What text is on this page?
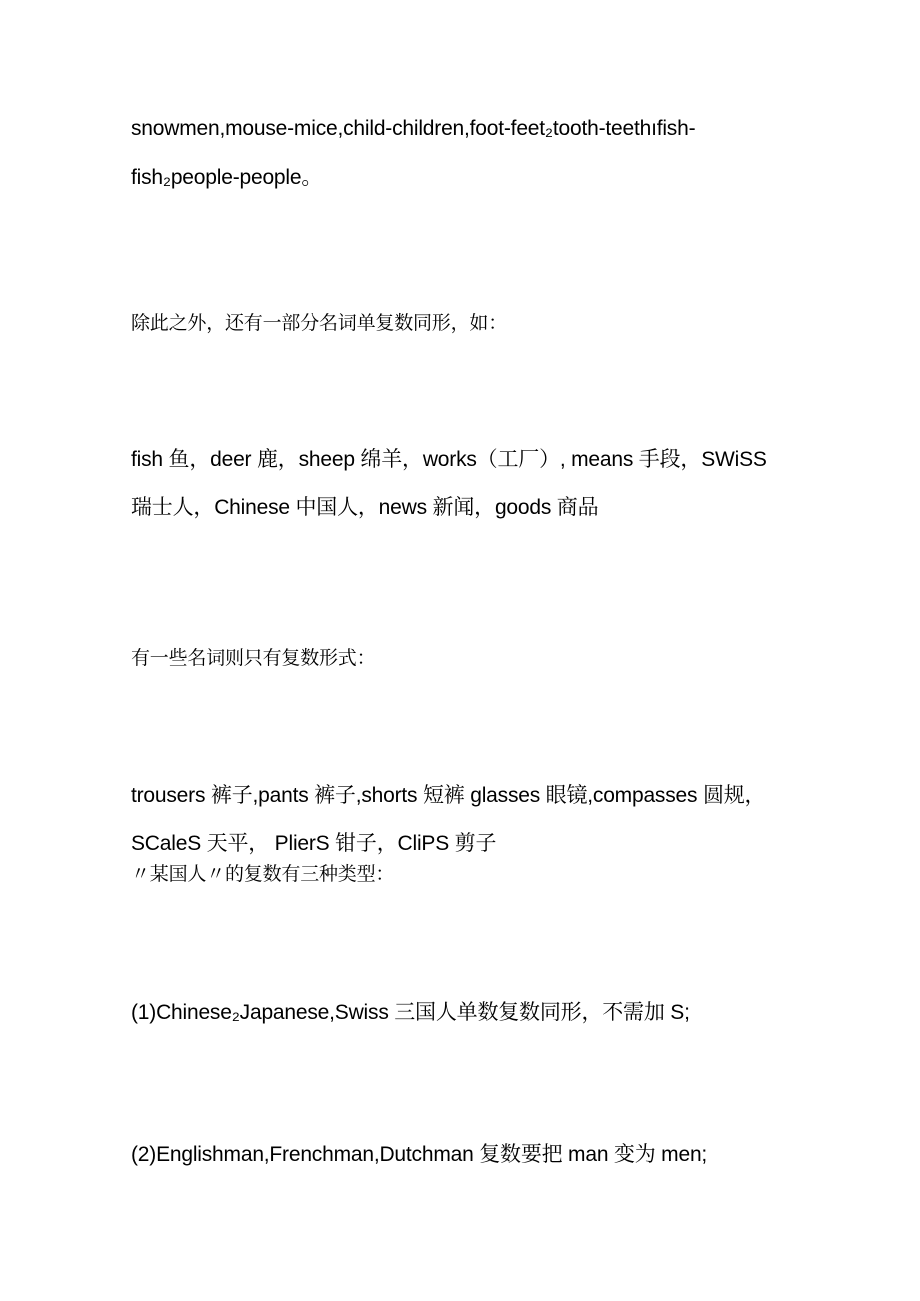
snowmen,mouse-mice,child-children,foot-feet₂tooth-teethıfish-
fish₂people-people。
除此之外，还有一部分名词单复数同形，如：
fish 鱼，deer 鹿，sheep 绵羊，works（工厂）, means 手段，SWiSS
瑞士人，Chinese 中国人，news 新闻，goods 商品
有一些名词则只有复数形式：
trousers 裤子,pants 裤子,shorts 短裤 glasses 眼镜,compasses 圆规，
SCaleS 天平， PlierS 钳子，CliPS 剪子
〃某国人〃的复数有三种类型：
(1)Chinese₂Japanese,Swiss 三国人单数复数同形，不需加 S;
(2)Englishman,Frenchman,Dutchman 复数要把 man 变为 men;
